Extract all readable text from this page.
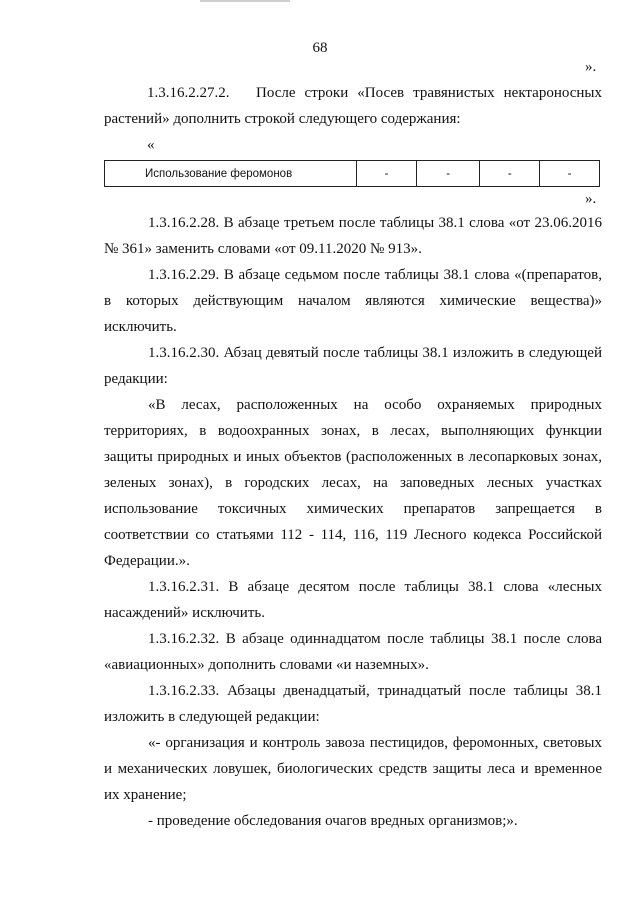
68
».
1.3.16.2.27.2. После строки «Посев травянистых нектароносных
растений» дополнить строкой следующего содержания:
«
Использование феромонов	-	-	-	-
».
1.3.16.2.28. В абзаце третьем после таблицы 38.1 слова «от 23.06.2016
№ 361» заменить словами «от 09.11.2020 № 913».
1.3.16.2.29. В абзаце седьмом после таблицы 38.1 слова «(препаратов,
в которых действующим началом являются химические вещества)»
исключить.
1.3.16.2.30. Абзац девятый после таблицы 38.1 изложить в следующей
редакции:
«В лесах, расположенных на особо охраняемых природных
территориях, в водоохранных зонах, в лесах, выполняющих функции
защиты природных и иных объектов (расположенных в лесопарковых зонах,
зеленых зонах), в городских лесах, на заповедных лесных участках
использование токсичных химических препаратов запрещается в
соответствии со статьями 112 - 114, 116, 119 Лесного кодекса Российской
Федерации.».
1.3.16.2.31. В абзаце десятом после таблицы 38.1 слова «лесных
насаждений» исключить.
1.3.16.2.32. В абзаце одиннадцатом после таблицы 38.1 после слова
«авиационных» дополнить словами «и наземных».
1.3.16.2.33. Абзацы двенадцатый, тринадцатый после таблицы 38.1
изложить в следующей редакции:
«- организация и контроль завоза пестицидов, феромонных, световых
и механических ловушек, биологических средств защиты леса и временное
их хранение;
- проведение обследования очагов вредных организмов;».
